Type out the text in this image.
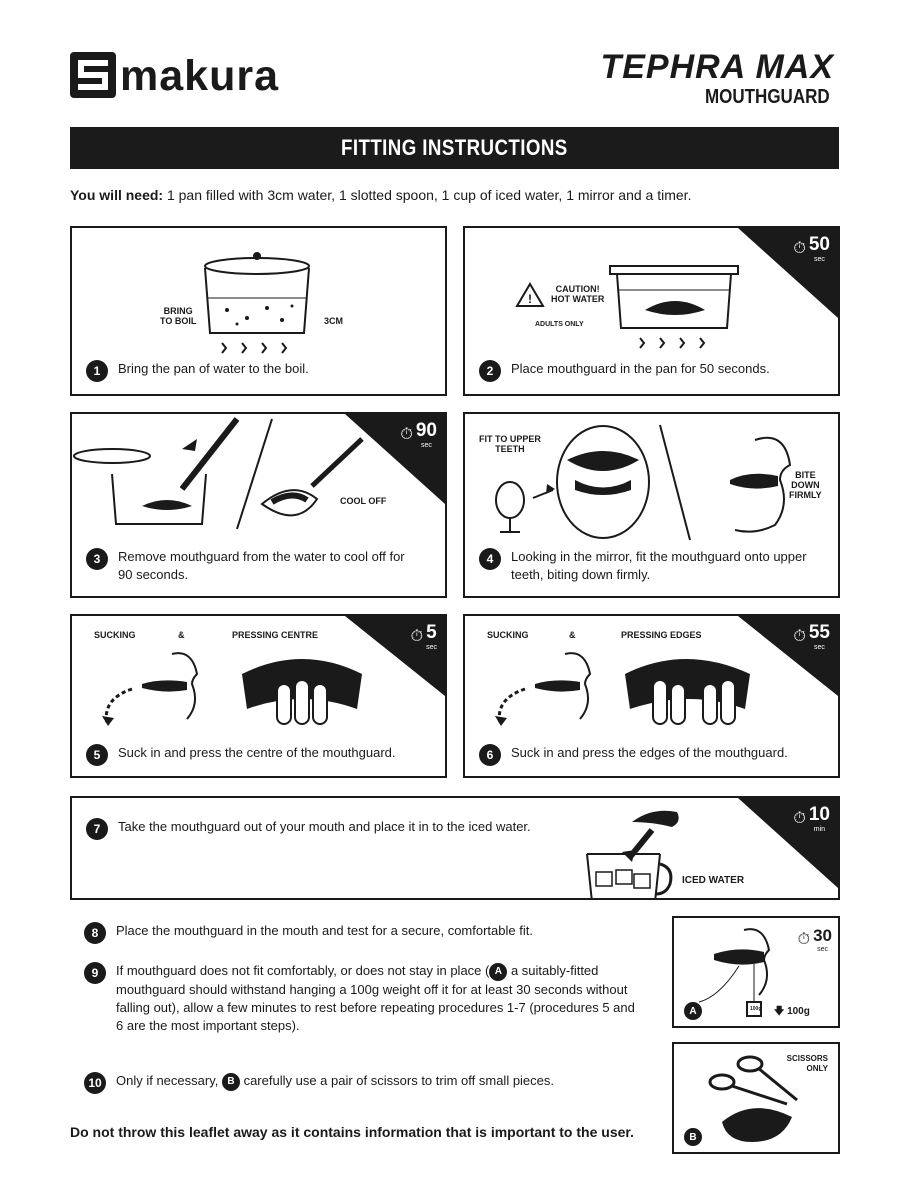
makura	TEPHRA MAX
MOUTHGUARD
FITTING INSTRUCTIONS
You will need: 1 pan filled with 3cm water, 1 slotted spoon, 1 cup of iced water, 1 mirror and a timer.
BRING
TO BOIL	3CM
1	Bring the pan of water to the boil.
⏱ 50
sec
!
CAUTION!
HOT WATER
ADULTS ONLY
2	Place mouthguard in the pan for 50 seconds.
⏱ 90
sec
COOL OFF
3	Remove mouthguard from the water to cool off for 90 seconds.
FIT TO UPPER
TEETH
BITE
DOWN
FIRMLY
4	Looking in the mirror, fit the mouthguard onto upper teeth, biting down firmly.
⏱ 5
sec
SUCKING	&	PRESSING CENTRE
5	Suck in and press the centre of the mouthguard.
⏱ 55
sec
SUCKING	&	PRESSING EDGES
6	Suck in and press the edges of the mouthguard.
⏱ 10
min
7	Take the mouthguard out of your mouth and place it in to the iced water.
ICED WATER
8	Place the mouthguard in the mouth and test for a secure, comfortable fit.
9	If mouthguard does not fit comfortably, or does not stay in place ( A a suitably-fitted mouthguard should withstand hanging a 100g weight off it for at least 30 seconds without falling out), allow a few minutes to rest before repeating procedures 1-7 (procedures 5 and 6 are the most important steps).
10	Only if necessary, B carefully use a pair of scissors to trim off small pieces.
⏱ 30
sec
100g
A	🡇 100g
SCISSORS
ONLY
B
Do not throw this leaflet away as it contains information that is important to the user.
